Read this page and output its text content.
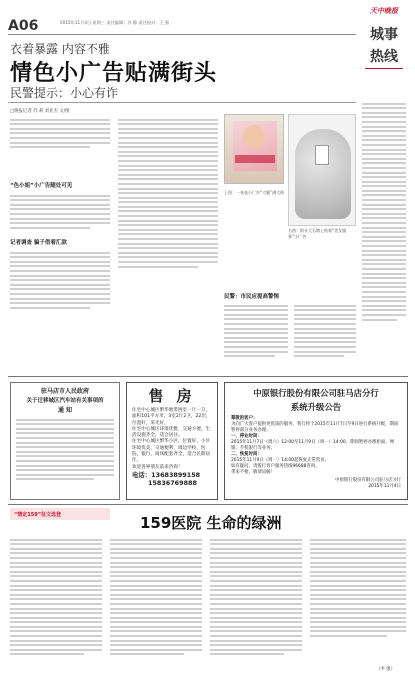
A06	2015年11月4日 星期三 责任编辑：苏 静 责任校对：王 强
天中晚报
城事
热线
衣着暴露 内容不雅
情色小广告贴满街头
民警提示：小心有诈
□晚报记者 苏 莉 刘亚杰 文/图
“色小姐”小广告随处可见
记者调查 骗子借着汇款
上图：一张张小广告“大腿”满大街
右图：街头大石墩上贴着“美女服务”小广告
民警：市民应提高警惕
驻马店市人民政府
关于迁移城区汽车站有关事项的
通 知
售 房
住宅中心城区繁华地带两室一厅一卫，面积101平方米，3室2厅2卫，22层，位置好，采光好，
住宅中心城区环境优雅，交通方便，生活设施齐全，适合居住。
住宅中心城区繁华小区，位置好，小区环境优美，交通便利，周边学校、医院、银行、商场配套齐全，适合长期居住，
欢迎各界朋友前来咨询！
电话：13683899158
15836769888
中原银行股份有限公司驻马店分行
系统升级公告
尊敬的客户：
为向广大客户提供更优质的服务，我行将于2015年11月7日至9日进行系统升级，期间暂停部分业务办理。
一、停业时间：
2015年11月7日（周六）12:00至11月9日（周一）14:00，期间暂停办理柜面、网银、手机银行等业务；
二、恢复时间：
2015年11月9日（周一）14:00起恢复正常营业。
如有疑问，请拨打客户服务热线96688咨询。
带来不便，敬请谅解！
中原银行股份有限公司驻马店分行
2015年11月4日
“情定159”征文选登	159医院 生命的绿洲
（李 强）
